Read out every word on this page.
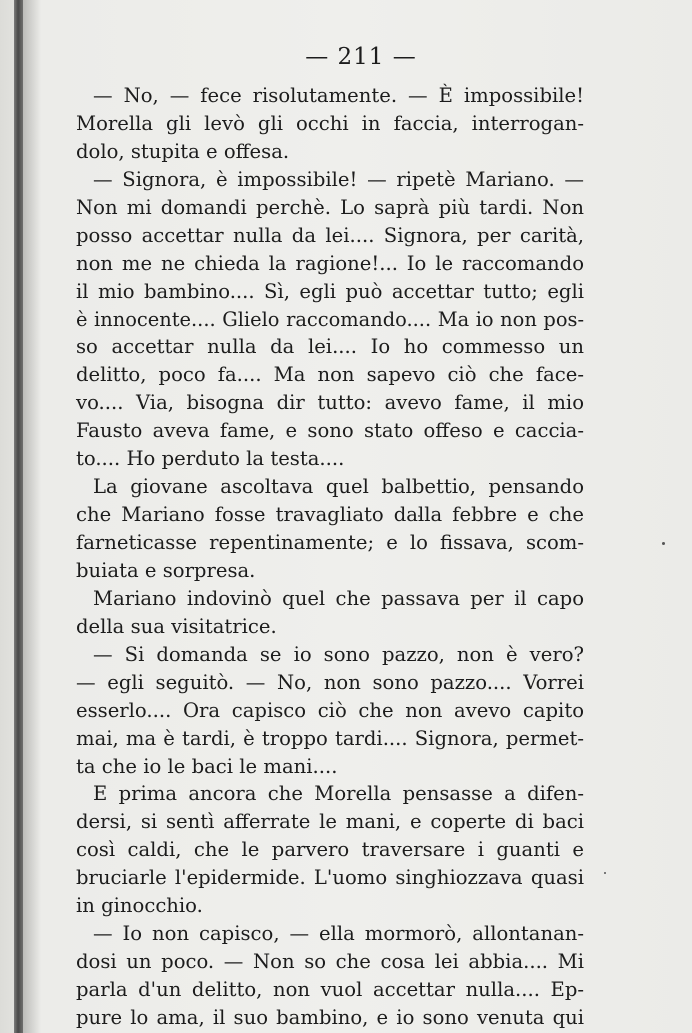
— 211 —
— No, — fece risolutamente. — È impossibile!
Morella gli levò gli occhi in faccia, interrogan-
dolo, stupita e offesa.
— Signora, è impossibile! — ripetè Mariano. —
Non mi domandi perchè. Lo saprà più tardi. Non
posso accettar nulla da lei.... Signora, per carità,
non me ne chieda la ragione!... Io le raccomando
il mio bambino.... Sì, egli può accettar tutto; egli
è innocente.... Glielo raccomando.... Ma io non pos-
so accettar nulla da lei.... Io ho commesso un
delitto, poco fa.... Ma non sapevo ciò che face-
vo.... Via, bisogna dir tutto: avevo fame, il mio
Fausto aveva fame, e sono stato offeso e caccia-
to.... Ho perduto la testa....
La giovane ascoltava quel balbettio, pensando
che Mariano fosse travagliato dalla febbre e che
farneticasse repentinamente; e lo fissava, scom-
buiata e sorpresa.
Mariano indovinò quel che passava per il capo
della sua visitatrice.
— Si domanda se io sono pazzo, non è vero?
— egli seguitò. — No, non sono pazzo.... Vorrei
esserlo.... Ora capisco ciò che non avevo capito
mai, ma è tardi, è troppo tardi.... Signora, permet-
ta che io le baci le mani....
E prima ancora che Morella pensasse a difen-
dersi, si sentì afferrate le mani, e coperte di baci
così caldi, che le parvero traversare i guanti e
bruciarle l'epidermide. L'uomo singhiozzava quasi
in ginocchio.
— Io non capisco, — ella mormorò, allontanan-
dosi un poco. — Non so che cosa lei abbia.... Mi
parla d'un delitto, non vuol accettar nulla.... Ep-
pure lo ama, il suo bambino, e io sono venuta qui
